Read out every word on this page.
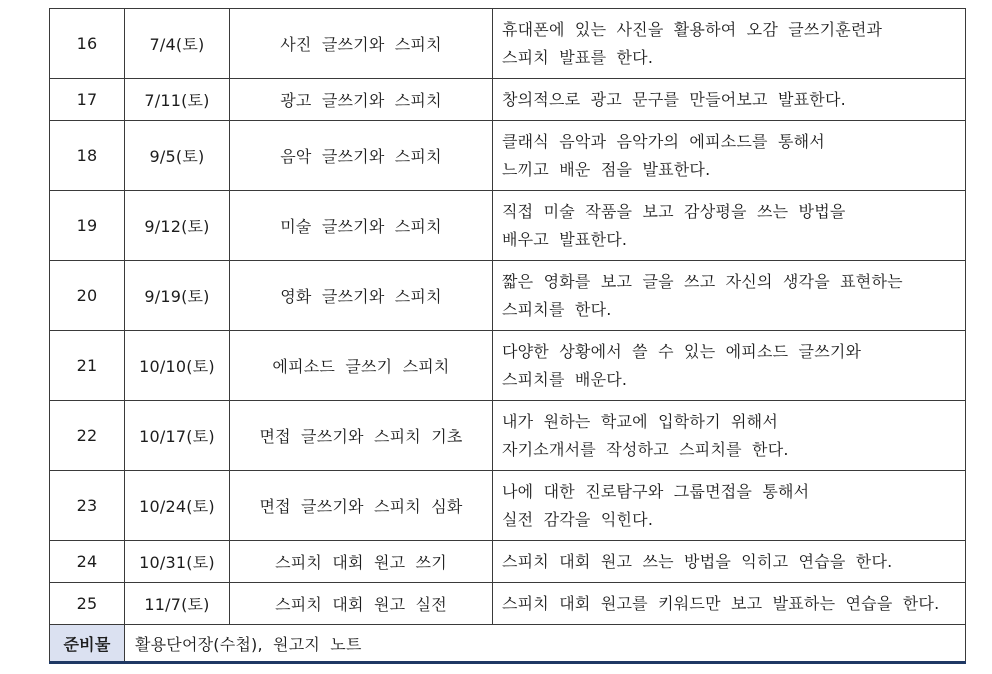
16	7/4(토)	사진 글쓰기와 스피치	휴대폰에 있는 사진을 활용하여 오감 글쓰기훈련과
스피치 발표를 한다.

17	7/11(토)	광고 글쓰기와 스피치	창의적으로 광고 문구를 만들어보고 발표한다.

18	9/5(토)	음악 글쓰기와 스피치	클래식 음악과 음악가의 에피소드를 통해서
느끼고 배운 점을 발표한다.

19	9/12(토)	미술 글쓰기와 스피치	직접 미술 작품을 보고 감상평을 쓰는 방법을
배우고 발표한다.

20	9/19(토)	영화 글쓰기와 스피치	짧은 영화를 보고 글을 쓰고 자신의 생각을 표현하는
스피치를 한다.

21	10/10(토)	에피소드 글쓰기 스피치	다양한 상황에서 쓸 수 있는 에피소드 글쓰기와
스피치를 배운다.

22	10/17(토)	면접 글쓰기와 스피치 기초	내가 원하는 학교에 입학하기 위해서
자기소개서를 작성하고 스피치를 한다.

23	10/24(토)	면접 글쓰기와 스피치 심화	나에 대한 진로탐구와 그룹면접을 통해서
실전 감각을 익힌다.

24	10/31(토)	스피치 대회 원고 쓰기	스피치 대회 원고 쓰는 방법을 익히고 연습을 한다.

25	11/7(토)	스피치 대회 원고 실전	스피치 대회 원고를 키워드만 보고 발표하는 연습을 한다.

준비물	활용단어장(수첩), 원고지 노트		
